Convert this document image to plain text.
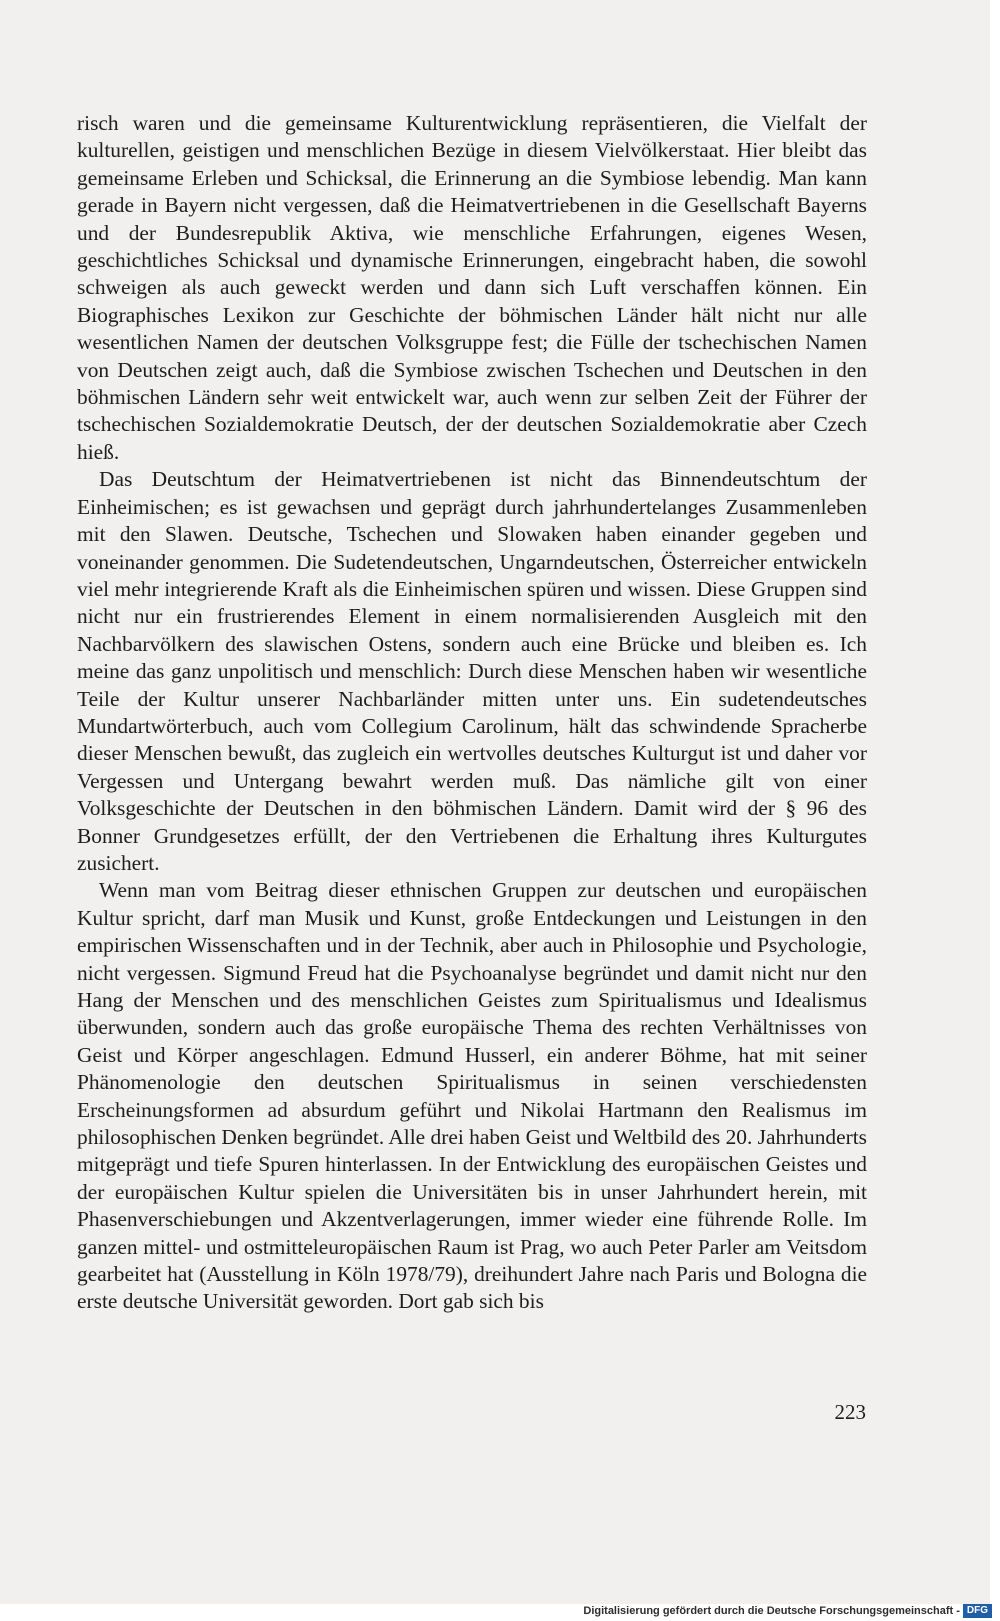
risch waren und die gemeinsame Kulturentwicklung repräsentieren, die Vielfalt der kulturellen, geistigen und menschlichen Bezüge in diesem Vielvölkerstaat. Hier bleibt das gemeinsame Erleben und Schicksal, die Erinnerung an die Symbiose lebendig. Man kann gerade in Bayern nicht vergessen, daß die Heimatvertriebenen in die Gesellschaft Bayerns und der Bundesrepublik Aktiva, wie menschliche Erfahrungen, eigenes Wesen, geschichtliches Schicksal und dynamische Erinnerungen, eingebracht haben, die sowohl schweigen als auch geweckt werden und dann sich Luft verschaffen können. Ein Biographisches Lexikon zur Geschichte der böhmischen Länder hält nicht nur alle wesentlichen Namen der deutschen Volksgruppe fest; die Fülle der tschechischen Namen von Deutschen zeigt auch, daß die Symbiose zwischen Tschechen und Deutschen in den böhmischen Ländern sehr weit entwickelt war, auch wenn zur selben Zeit der Führer der tschechischen Sozialdemokratie Deutsch, der der deutschen Sozialdemokratie aber Czech hieß.

Das Deutschtum der Heimatvertriebenen ist nicht das Binnendeutschtum der Einheimischen; es ist gewachsen und geprägt durch jahrhundertelanges Zusammenleben mit den Slawen. Deutsche, Tschechen und Slowaken haben einander gegeben und voneinander genommen. Die Sudetendeutschen, Ungarndeutschen, Österreicher entwickeln viel mehr integrierende Kraft als die Einheimischen spüren und wissen. Diese Gruppen sind nicht nur ein frustrierendes Element in einem normalisierenden Ausgleich mit den Nachbarvölkern des slawischen Ostens, sondern auch eine Brücke und bleiben es. Ich meine das ganz unpolitisch und menschlich: Durch diese Menschen haben wir wesentliche Teile der Kultur unserer Nachbarländer mitten unter uns. Ein sudetendeutsches Mundartwörterbuch, auch vom Collegium Carolinum, hält das schwindende Spracherbe dieser Menschen bewußt, das zugleich ein wertvolles deutsches Kulturgut ist und daher vor Vergessen und Untergang bewahrt werden muß. Das nämliche gilt von einer Volksgeschichte der Deutschen in den böhmischen Ländern. Damit wird der § 96 des Bonner Grundgesetzes erfüllt, der den Vertriebenen die Erhaltung ihres Kulturgutes zusichert.

Wenn man vom Beitrag dieser ethnischen Gruppen zur deutschen und europäischen Kultur spricht, darf man Musik und Kunst, große Entdeckungen und Leistungen in den empirischen Wissenschaften und in der Technik, aber auch in Philosophie und Psychologie, nicht vergessen. Sigmund Freud hat die Psychoanalyse begründet und damit nicht nur den Hang der Menschen und des menschlichen Geistes zum Spiritualismus und Idealismus überwunden, sondern auch das große europäische Thema des rechten Verhältnisses von Geist und Körper angeschlagen. Edmund Husserl, ein anderer Böhme, hat mit seiner Phänomenologie den deutschen Spiritualismus in seinen verschiedensten Erscheinungsformen ad absurdum geführt und Nikolai Hartmann den Realismus im philosophischen Denken begründet. Alle drei haben Geist und Weltbild des 20. Jahrhunderts mitgeprägt und tiefe Spuren hinterlassen. In der Entwicklung des europäischen Geistes und der europäischen Kultur spielen die Universitäten bis in unser Jahrhundert herein, mit Phasenverschiebungen und Akzentverlagerungen, immer wieder eine führende Rolle. Im ganzen mittel- und ostmitteleuropäischen Raum ist Prag, wo auch Peter Parler am Veitsdom gearbeitet hat (Ausstellung in Köln 1978/79), dreihundert Jahre nach Paris und Bologna die erste deutsche Universität geworden. Dort gab sich bis

223
Digitalisierung gefördert durch die Deutsche Forschungsgemeinschaft - DFG
